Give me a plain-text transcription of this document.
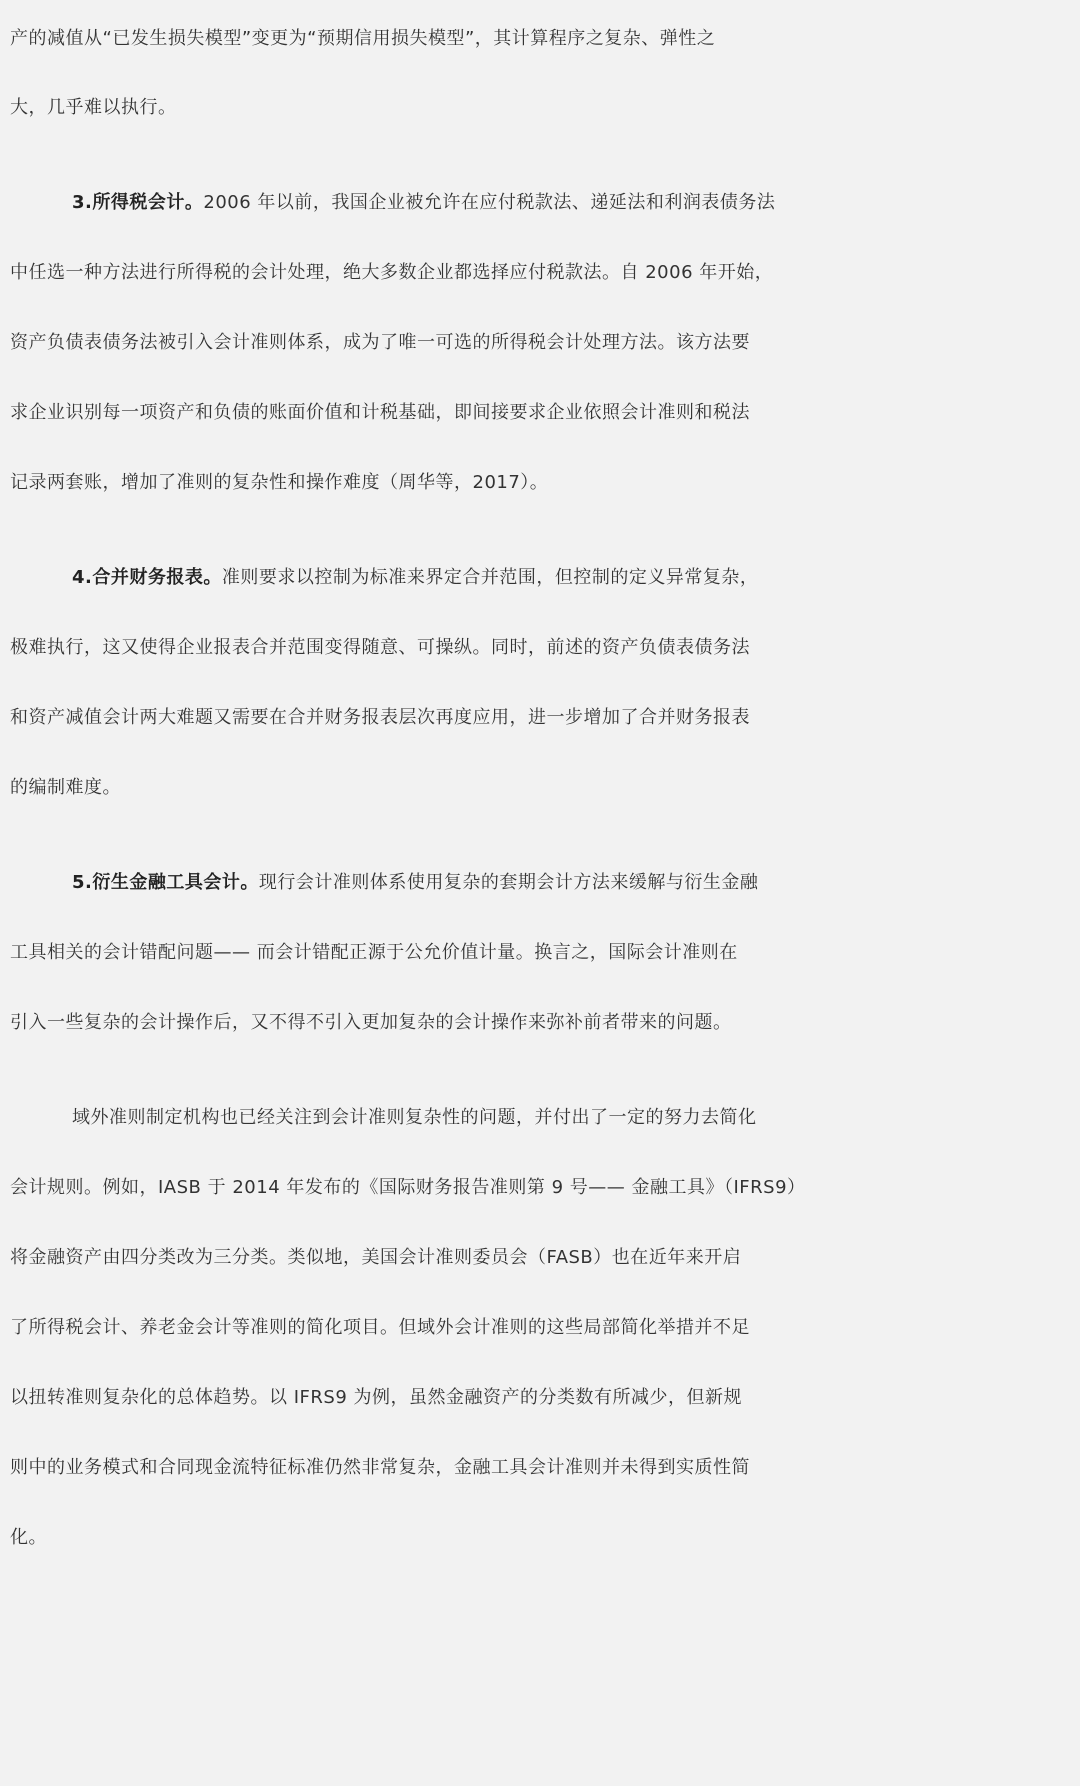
产的减值从“已发生损失模型”变更为“预期信用损失模型”，其计算程序之复杂、弹性之
大，几乎难以执行。
3.所得税会计。2006 年以前，我国企业被允许在应付税款法、递延法和利润表债务法
中任选一种方法进行所得税的会计处理，绝大多数企业都选择应付税款法。自 2006 年开始，
资产负债表债务法被引入会计准则体系，成为了唯一可选的所得税会计处理方法。该方法要
求企业识别每一项资产和负债的账面价值和计税基础，即间接要求企业依照会计准则和税法
记录两套账，增加了准则的复杂性和操作难度（周华等，2017）。
4.合并财务报表。准则要求以控制为标准来界定合并范围，但控制的定义异常复杂，
极难执行，这又使得企业报表合并范围变得随意、可操纵。同时，前述的资产负债表债务法
和资产减值会计两大难题又需要在合并财务报表层次再度应用，进一步增加了合并财务报表
的编制难度。
5.衍生金融工具会计。现行会计准则体系使用复杂的套期会计方法来缓解与衍生金融
工具相关的会计错配问题—— 而会计错配正源于公允价值计量。换言之，国际会计准则在
引入一些复杂的会计操作后，又不得不引入更加复杂的会计操作来弥补前者带来的问题。
域外准则制定机构也已经关注到会计准则复杂性的问题，并付出了一定的努力去简化
会计规则。例如，IASB 于 2014 年发布的《国际财务报告准则第 9 号—— 金融工具》（IFRS9）
将金融资产由四分类改为三分类。类似地，美国会计准则委员会（FASB）也在近年来开启
了所得税会计、养老金会计等准则的简化项目。但域外会计准则的这些局部简化举措并不足
以扭转准则复杂化的总体趋势。以 IFRS9 为例，虽然金融资产的分类数有所减少，但新规
则中的业务模式和合同现金流特征标准仍然非常复杂，金融工具会计准则并未得到实质性简
化。
